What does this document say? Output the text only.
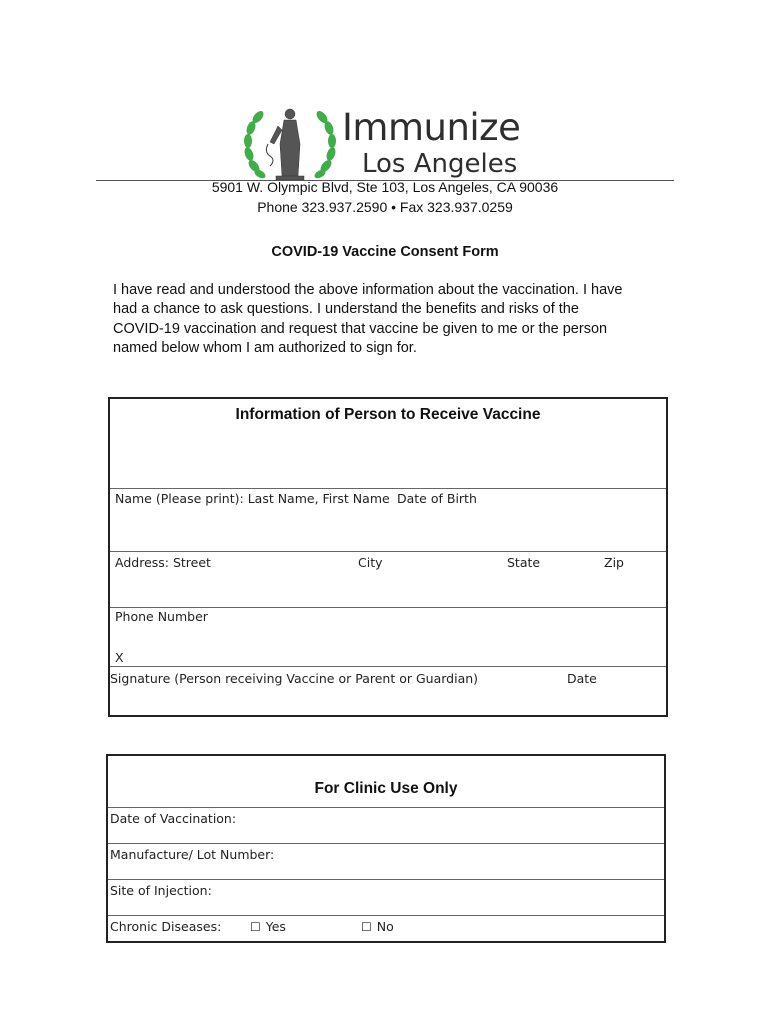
Immunize
Los Angeles
5901 W. Olympic Blvd, Ste 103, Los Angeles, CA 90036
Phone 323.937.2590 • Fax 323.937.0259
COVID-19 Vaccine Consent Form
I have read and understood the above information about the vaccination. I have
had a chance to ask questions. I understand the benefits and risks of the
COVID-19 vaccination and request that vaccine be given to me or the person
named below whom I am authorized to sign for.
Information of Person to Receive Vaccine
Name (Please print): Last Name, First Name Date of Birth
Address: Street	City	State	Zip
Phone Number
X
Signature (Person receiving Vaccine or Parent or Guardian)	Date
For Clinic Use Only
Date of Vaccination:
Manufacture/ Lot Number:
Site of Injection:
Chronic Diseases: ☐ Yes	☐ No
